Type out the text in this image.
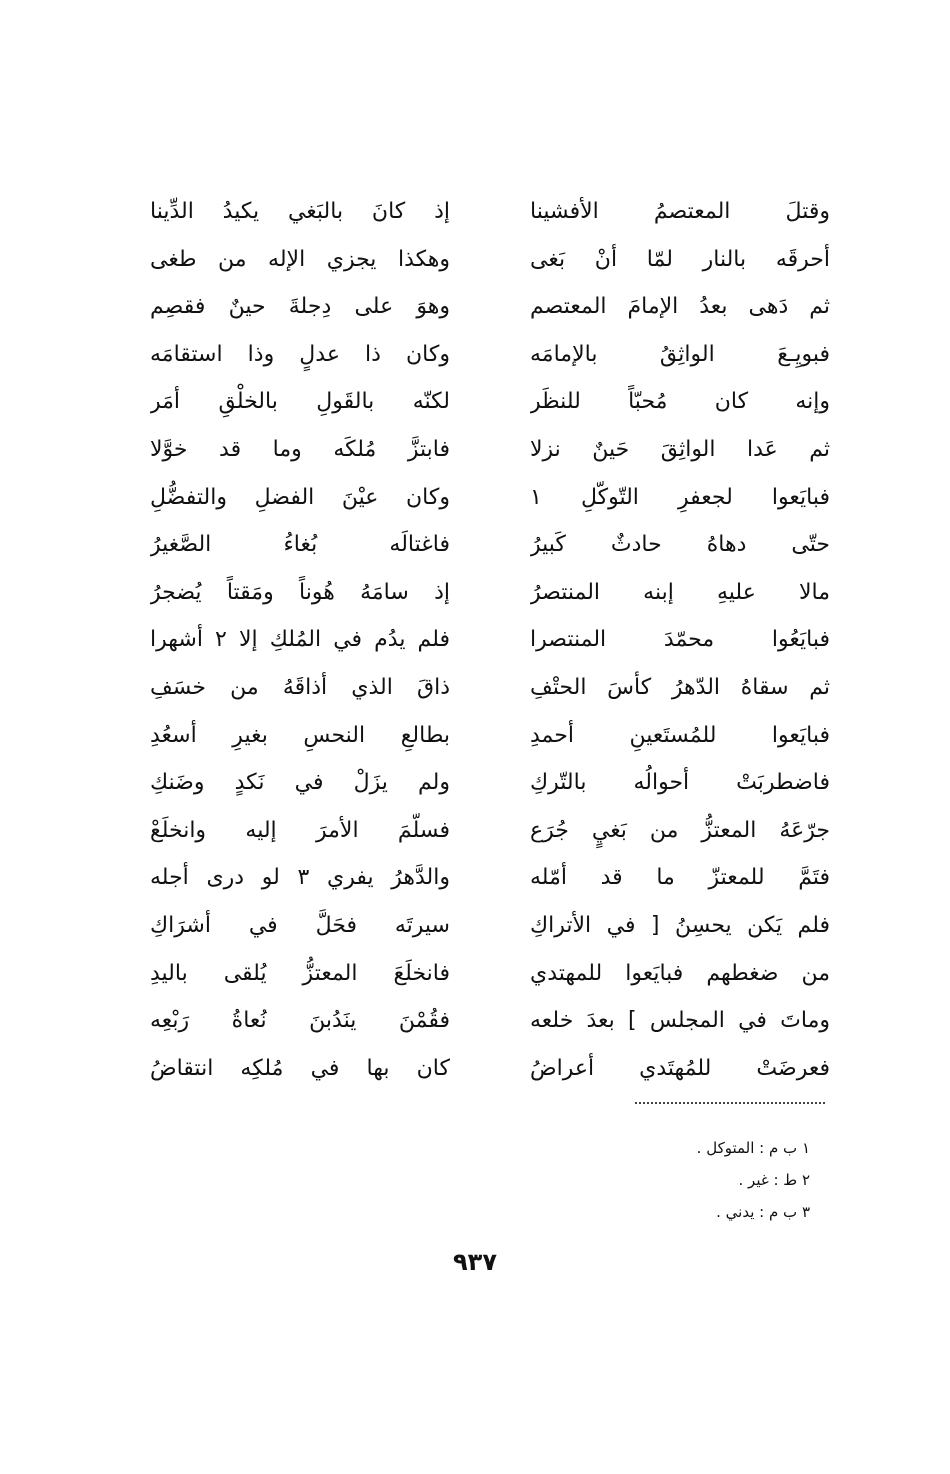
وقتلَ المعتصمُ الأفشينا
إذ كانَ بالبَغي يكيدُ الدِّينا
أحرقَه بالنار لمّا أنْ بَغى
وهكذا يجزي الإله من طغى
ثم دَهى بعدُ الإمامَ المعتصم
وهوَ على دِجلةَ حينٌ فقصِم
فبويِـعَ الواثِقُ بالإمامَه
وكان ذا عدلٍ وذا استقامَه
وإنه كان مُحبّاً للنظَر
لكنّه بالقَولِ بالخلْقِ أمَر
ثم عَدا الواثِقَ حَينٌ نزلا
فابتزَّ مُلكَه وما قد خوَّلا
فبايَعوا لجعفرِ التّوكّلِ ١
وكان عيْنَ الفضلِ والتفضُّلِ
حتّى دهاهُ حادثٌ كَبيرُ
فاغتالَه بُغاءُ الصَّغيرُ
مالا عليهِ إبنه المنتصرُ
إذ سامَهُ هُوناً ومَقتاً يُضجرُ
فبايَعُوا محمّدَ المنتصرا
فلم يدُم في المُلكِ إلا ٢ أشهرا
ثم سقاهُ الدّهرُ كأسَ الحتْفِ
ذاقَ الذي أذاقَهُ من خسَفِ
فبايَعوا للمُستَعينِ أحمدِ
بطالعِ النحسِ بغيرِ أسعُدِ
فاضطربَتْ أحوالُه بالتّركِ
ولم يزَلْ في نَكدٍ وضَنكِ
جرّعَهُ المعتزُّ من بَغيٍ جُرَع
فسلّمَ الأمرَ إليه وانخلَعْ
فتَمَّ للمعتزّ ما قد أمّله
والدَّهرُ يفري ٣ لو درى أجله
فلم يَكن يحسِنُ [ في الأتراكِ
سيرتَه فحَلَّ في أشرَاكِ
من ضغطهم فبايَعوا للمهتدي
فانخلَعَ المعتزُّ يُلقى باليدِ
وماتَ في المجلس ] بعدَ خلعه
فقُمْنَ ينَدُبنَ نُعاةُ رَبْعِه
فعرضَتْ للمُهتَدي أعراضُ
كان بها في مُلكِه انتقاضُ
١ ب م : المتوكل .
٢ ط : غير .
٣ ب م : يدني .
٩٣٧
